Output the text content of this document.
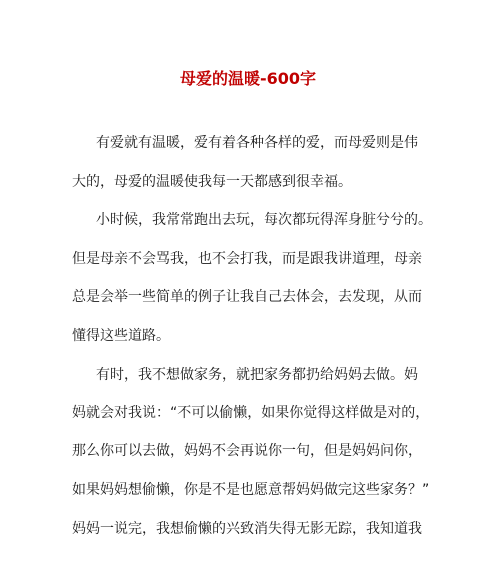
母爱的温暖-600字
有爱就有温暖，爱有着各种各样的爱，而母爱则是伟
大的，母爱的温暖使我每一天都感到很幸福。
小时候，我常常跑出去玩，每次都玩得浑身脏兮兮的。
但是母亲不会骂我，也不会打我，而是跟我讲道理，母亲
总是会举一些简单的例子让我自己去体会，去发现，从而
懂得这些道路。
有时，我不想做家务，就把家务都扔给妈妈去做。妈
妈就会对我说：“不可以偷懒，如果你觉得这样做是对的，
那么你可以去做，妈妈不会再说你一句，但是妈妈问你，
如果妈妈想偷懒，你是不是也愿意帮妈妈做完这些家务？”
妈妈一说完，我想偷懒的兴致消失得无影无踪，我知道我
